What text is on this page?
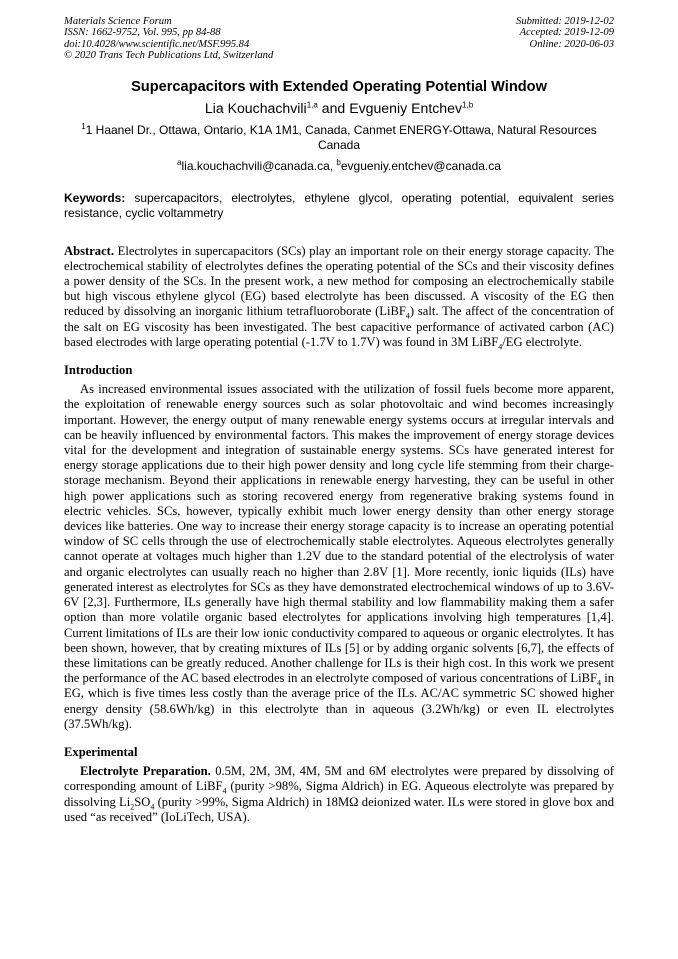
Materials Science Forum
ISSN: 1662-9752, Vol. 995, pp 84-88
doi:10.4028/www.scientific.net/MSF.995.84
© 2020 Trans Tech Publications Ltd, Switzerland
Submitted: 2019-12-02
Accepted: 2019-12-09
Online: 2020-06-03
Supercapacitors with Extended Operating Potential Window
Lia Kouchachvili$^{1,a}$ and Evgueniy Entchev$^{1,b}$
$^1$1 Haanel Dr., Ottawa, Ontario, K1A 1M1, Canada, Canmet ENERGY-Ottawa, Natural Resources Canada
$^a$lia.kouchachvili@canada.ca, $^b$evgueniy.entchev@canada.ca
Keywords: supercapacitors, electrolytes, ethylene glycol, operating potential, equivalent series resistance, cyclic voltammetry
Abstract. Electrolytes in supercapacitors (SCs) play an important role on their energy storage capacity. The electrochemical stability of electrolytes defines the operating potential of the SCs and their viscosity defines a power density of the SCs. In the present work, a new method for composing an electrochemically stabile but high viscous ethylene glycol (EG) based electrolyte has been discussed. A viscosity of the EG then reduced by dissolving an inorganic lithium tetrafluoroborate (LiBF$_4$) salt. The affect of the concentration of the salt on EG viscosity has been investigated. The best capacitive performance of activated carbon (AC) based electrodes with large operating potential (-1.7V to 1.7V) was found in 3M LiBF$_4$/EG electrolyte.
Introduction
As increased environmental issues associated with the utilization of fossil fuels become more apparent, the exploitation of renewable energy sources such as solar photovoltaic and wind becomes increasingly important. However, the energy output of many renewable energy systems occurs at irregular intervals and can be heavily influenced by environmental factors. This makes the improvement of energy storage devices vital for the development and integration of sustainable energy systems. SCs have generated interest for energy storage applications due to their high power density and long cycle life stemming from their charge-storage mechanism. Beyond their applications in renewable energy harvesting, they can be useful in other high power applications such as storing recovered energy from regenerative braking systems found in electric vehicles. SCs, however, typically exhibit much lower energy density than other energy storage devices like batteries. One way to increase their energy storage capacity is to increase an operating potential window of SC cells through the use of electrochemically stable electrolytes. Aqueous electrolytes generally cannot operate at voltages much higher than 1.2V due to the standard potential of the electrolysis of water and organic electrolytes can usually reach no higher than 2.8V [1]. More recently, ionic liquids (ILs) have generated interest as electrolytes for SCs as they have demonstrated electrochemical windows of up to 3.6V- 6V [2,3]. Furthermore, ILs generally have high thermal stability and low flammability making them a safer option than more volatile organic based electrolytes for applications involving high temperatures [1,4]. Current limitations of ILs are their low ionic conductivity compared to aqueous or organic electrolytes. It has been shown, however, that by creating mixtures of ILs [5] or by adding organic solvents [6,7], the effects of these limitations can be greatly reduced. Another challenge for ILs is their high cost. In this work we present the performance of the AC based electrodes in an electrolyte composed of various concentrations of LiBF$_4$ in EG, which is five times less costly than the average price of the ILs. AC/AC symmetric SC showed higher energy density (58.6Wh/kg) in this electrolyte than in aqueous (3.2Wh/kg) or even IL electrolytes (37.5Wh/kg).
Experimental
Electrolyte Preparation. 0.5M, 2M, 3M, 4M, 5M and 6M electrolytes were prepared by dissolving of corresponding amount of LiBF$_4$ (purity >98%, Sigma Aldrich) in EG. Aqueous electrolyte was prepared by dissolving $Li_2SO_4$ (purity >99%, Sigma Aldrich) in 18MΩ deionized water. ILs were stored in glove box and used “as received” (IoLiTech, USA).
